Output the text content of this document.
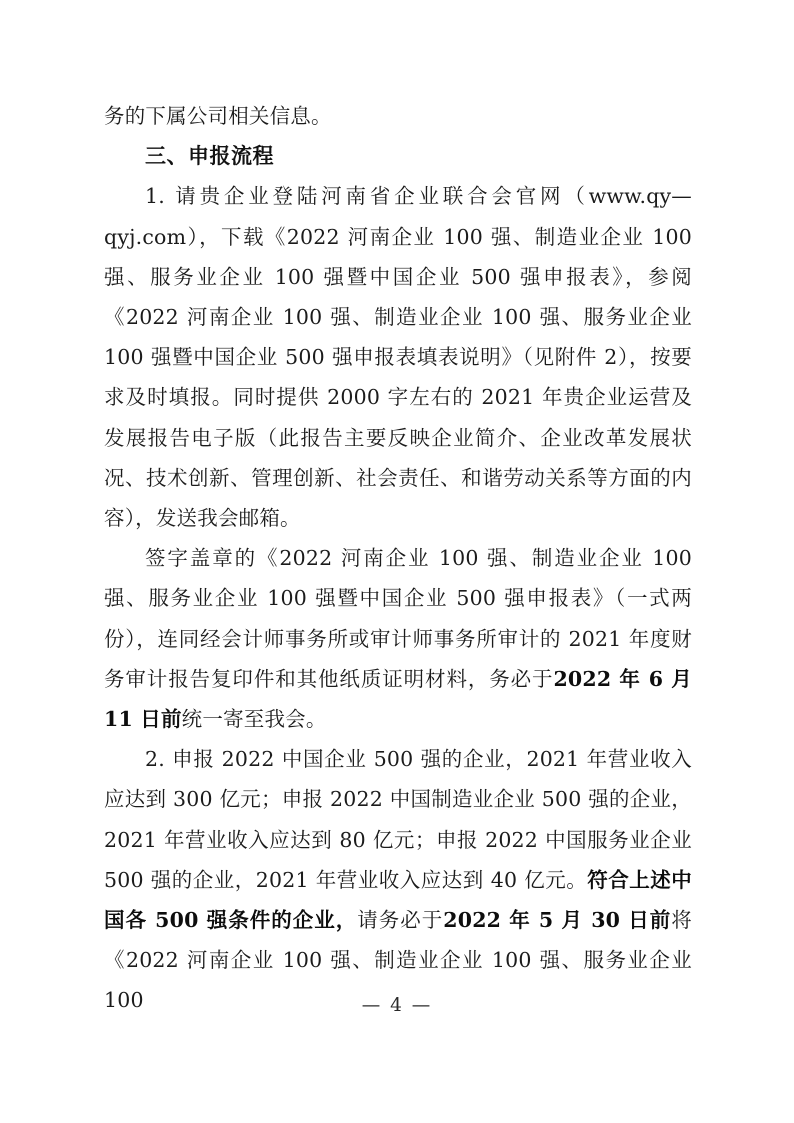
务的下属公司相关信息。

三、申报流程

1. 请贵企业登陆河南省企业联合会官网（www.qy—qyj.com），下载《2022 河南企业 100 强、制造业企业 100 强、服务业企业 100 强暨中国企业 500 强申报表》，参阅《2022 河南企业 100 强、制造业企业 100 强、服务业企业 100 强暨中国企业 500 强申报表填表说明》（见附件 2），按要求及时填报。同时提供 2000 字左右的 2021 年贵企业运营及发展报告电子版（此报告主要反映企业简介、企业改革发展状况、技术创新、管理创新、社会责任、和谐劳动关系等方面的内容），发送我会邮箱。

签字盖章的《2022 河南企业 100 强、制造业企业 100 强、服务业企业 100 强暨中国企业 500 强申报表》（一式两份），连同经会计师事务所或审计师事务所审计的 2021 年度财务审计报告复印件和其他纸质证明材料，务必于2022 年 6 月 11 日前统一寄至我会。

2. 申报 2022 中国企业 500 强的企业，2021 年营业收入应达到 300 亿元；申报 2022 中国制造业企业 500 强的企业，2021 年营业收入应达到 80 亿元；申报 2022 中国服务业企业 500 强的企业，2021 年营业收入应达到 40 亿元。符合上述中国各 500 强条件的企业，请务必于2022 年 5 月 30 日前将《2022 河南企业 100 强、制造业企业 100 强、服务业企业 100	— 4 —
